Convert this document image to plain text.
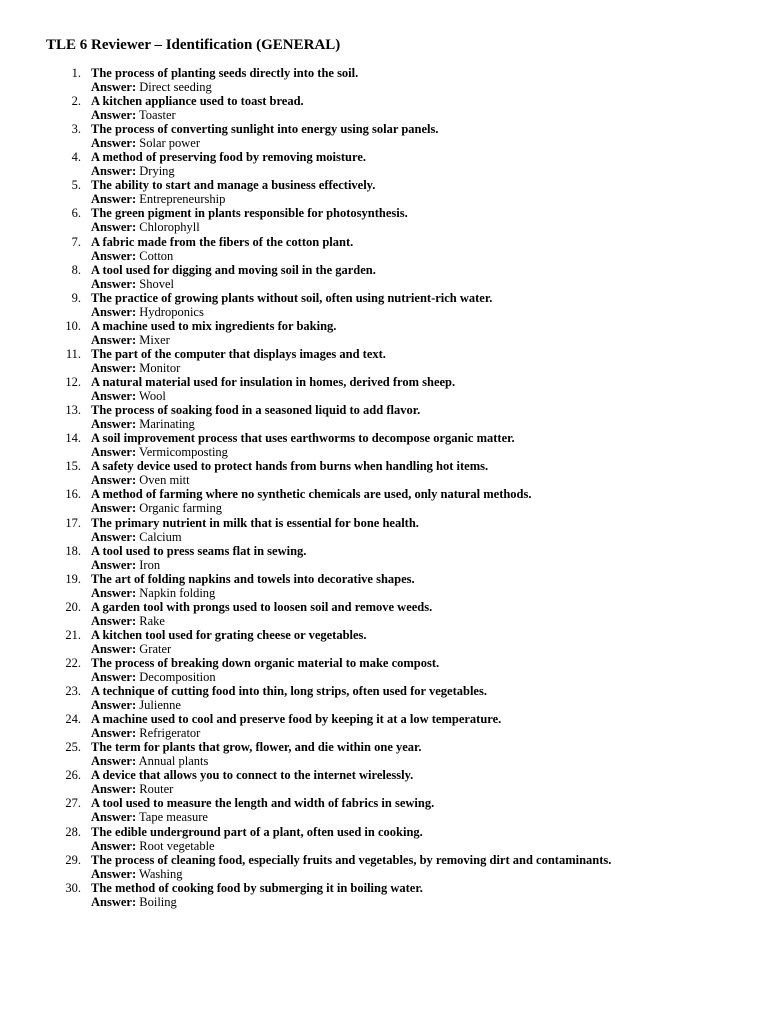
TLE 6 Reviewer – Identification (GENERAL)
1. The process of planting seeds directly into the soil.
Answer: Direct seeding
2. A kitchen appliance used to toast bread.
Answer: Toaster
3. The process of converting sunlight into energy using solar panels.
Answer: Solar power
4. A method of preserving food by removing moisture.
Answer: Drying
5. The ability to start and manage a business effectively.
Answer: Entrepreneurship
6. The green pigment in plants responsible for photosynthesis.
Answer: Chlorophyll
7. A fabric made from the fibers of the cotton plant.
Answer: Cotton
8. A tool used for digging and moving soil in the garden.
Answer: Shovel
9. The practice of growing plants without soil, often using nutrient-rich water.
Answer: Hydroponics
10. A machine used to mix ingredients for baking.
Answer: Mixer
11. The part of the computer that displays images and text.
Answer: Monitor
12. A natural material used for insulation in homes, derived from sheep.
Answer: Wool
13. The process of soaking food in a seasoned liquid to add flavor.
Answer: Marinating
14. A soil improvement process that uses earthworms to decompose organic matter.
Answer: Vermicomposting
15. A safety device used to protect hands from burns when handling hot items.
Answer: Oven mitt
16. A method of farming where no synthetic chemicals are used, only natural methods.
Answer: Organic farming
17. The primary nutrient in milk that is essential for bone health.
Answer: Calcium
18. A tool used to press seams flat in sewing.
Answer: Iron
19. The art of folding napkins and towels into decorative shapes.
Answer: Napkin folding
20. A garden tool with prongs used to loosen soil and remove weeds.
Answer: Rake
21. A kitchen tool used for grating cheese or vegetables.
Answer: Grater
22. The process of breaking down organic material to make compost.
Answer: Decomposition
23. A technique of cutting food into thin, long strips, often used for vegetables.
Answer: Julienne
24. A machine used to cool and preserve food by keeping it at a low temperature.
Answer: Refrigerator
25. The term for plants that grow, flower, and die within one year.
Answer: Annual plants
26. A device that allows you to connect to the internet wirelessly.
Answer: Router
27. A tool used to measure the length and width of fabrics in sewing.
Answer: Tape measure
28. The edible underground part of a plant, often used in cooking.
Answer: Root vegetable
29. The process of cleaning food, especially fruits and vegetables, by removing dirt and contaminants.
Answer: Washing
30. The method of cooking food by submerging it in boiling water.
Answer: Boiling
